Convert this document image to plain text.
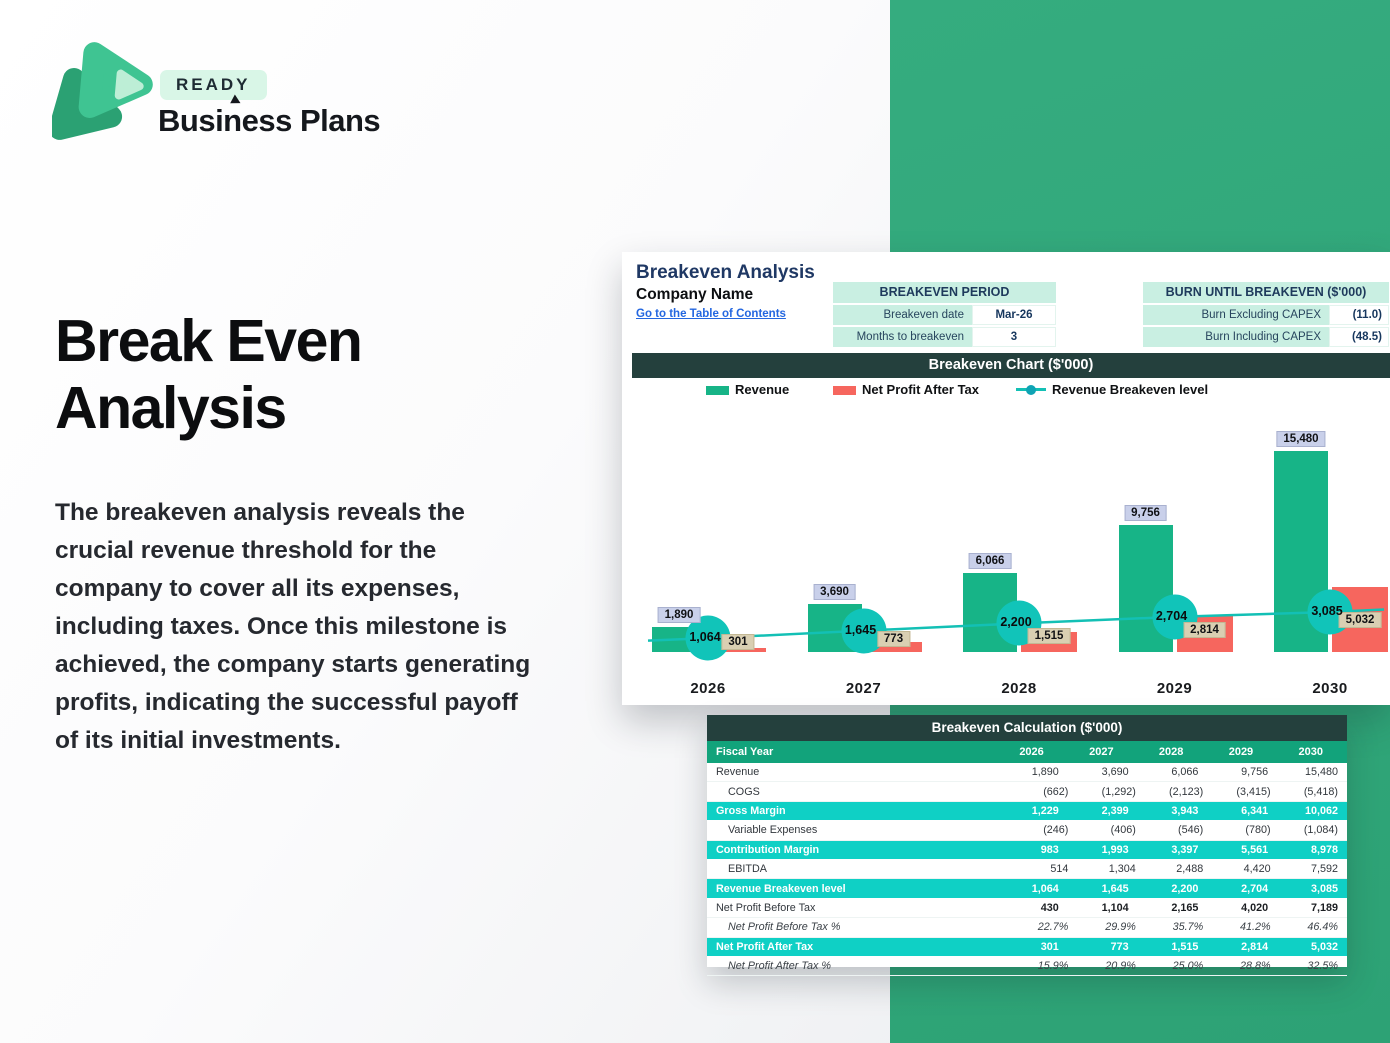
READY
Business Plans
Break Even Analysis

The breakeven analysis reveals the crucial revenue threshold for the company to cover all its expenses, including taxes. Once this milestone is achieved, the company starts generating profits, indicating the successful payoff of its initial investments.

Breakeven Analysis
Company Name
Go to the Table of Contents
BREAKEVEN PERIOD
Breakeven date	Mar-26
Months to breakeven	3
BURN UNTIL BREAKEVEN ($'000)
Burn Excluding CAPEX	(11.0)
Burn Including CAPEX	(48.5)
Breakeven Chart ($'000)
Revenue	Net Profit After Tax	Revenue Breakeven level
1,890
301
1,064
2026
3,690
773
1,645
2027
6,066
1,515
2,200
2028
9,756
2,814
2,704
2029
15,480
5,032
3,085
2030
Breakeven Calculation ($'000)
Fiscal Year	2026	2027	2028	2029	2030
Revenue	1,890	3,690	6,066	9,756	15,480
COGS	(662)	(1,292)	(2,123)	(3,415)	(5,418)
Gross Margin	1,229	2,399	3,943	6,341	10,062
Variable Expenses	(246)	(406)	(546)	(780)	(1,084)
Contribution Margin	983	1,993	3,397	5,561	8,978
EBITDA	514	1,304	2,488	4,420	7,592
Revenue Breakeven level	1,064	1,645	2,200	2,704	3,085
Net Profit Before Tax	430	1,104	2,165	4,020	7,189
Net Profit Before Tax %	22.7%	29.9%	35.7%	41.2%	46.4%
Net Profit After Tax	301	773	1,515	2,814	5,032
Net Profit After Tax %	15.9%	20.9%	25.0%	28.8%	32.5%
